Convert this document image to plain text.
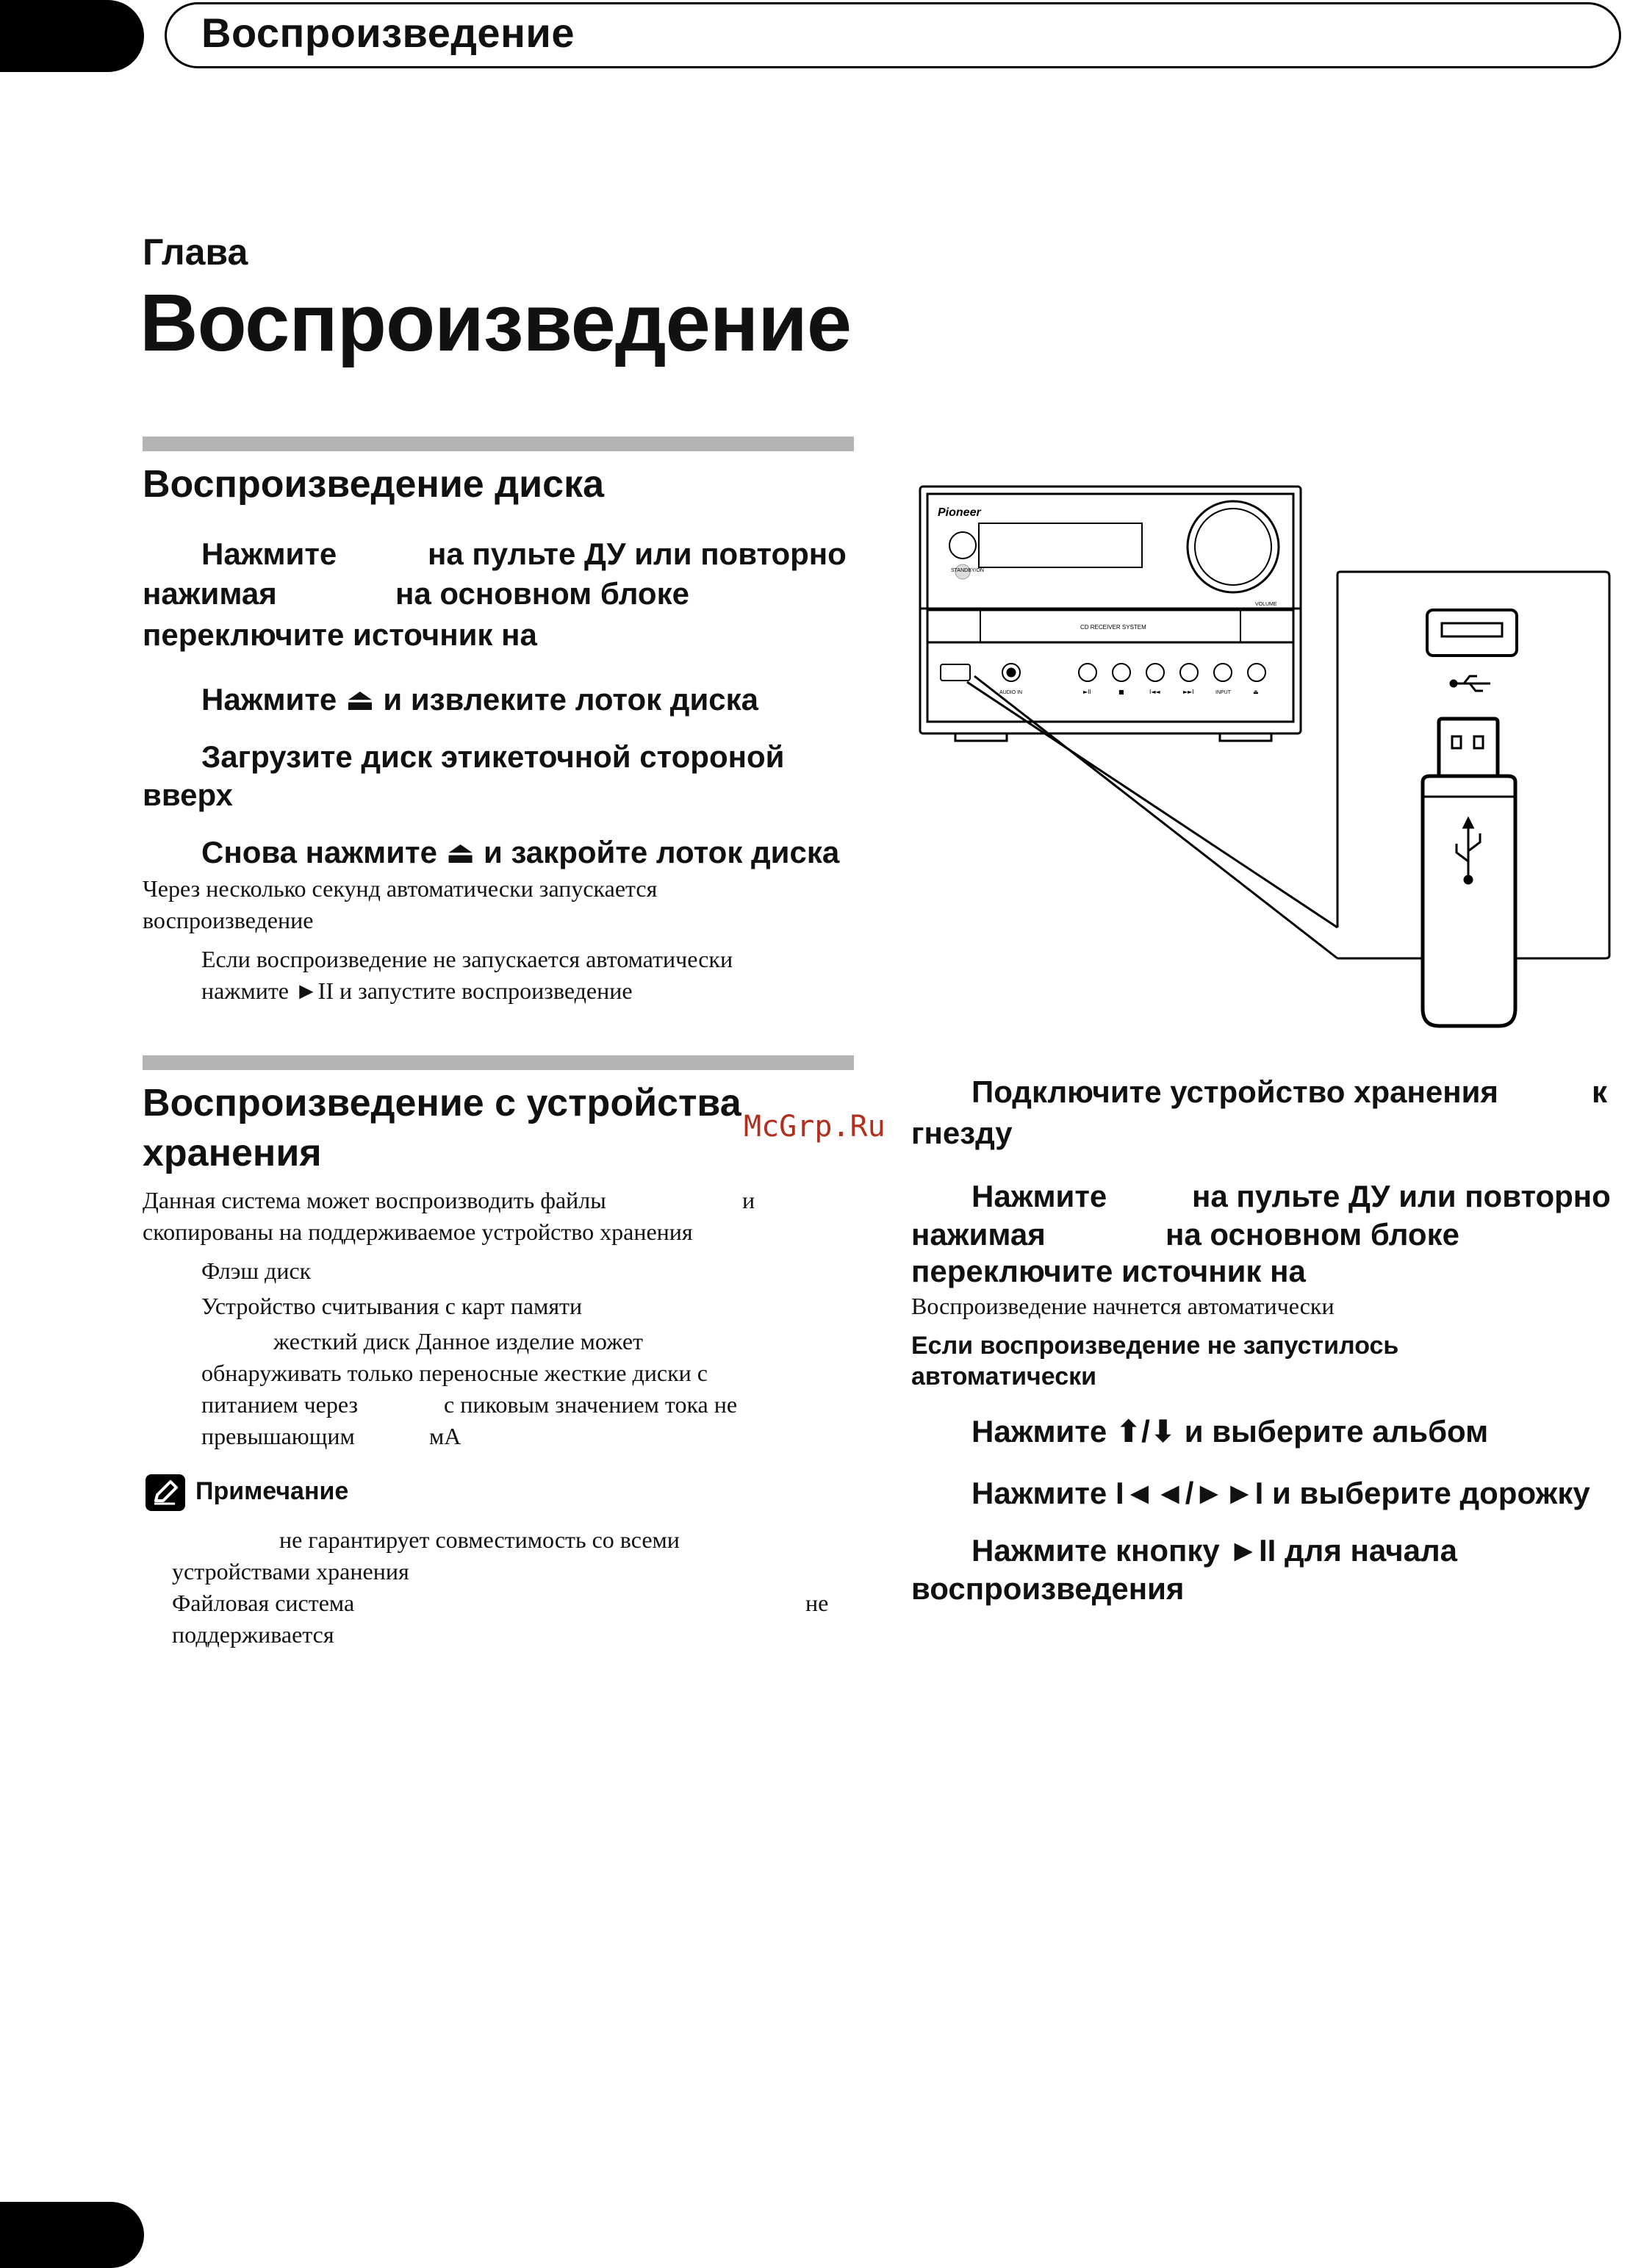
Воспроизведение
Глава
Воспроизведение
Воспроизведение диска
Нажмите	на пульте ДУ или повторно
нажимая	на основном блоке
переключите источник на
Нажмите ⏏ и извлеките лоток диска
Загрузите диск этикеточной стороной
вверх
Снова нажмите ⏏ и закройте лоток диска
Через несколько секунд автоматически запускается
воспроизведение
Если воспроизведение не запускается автоматически
нажмите ►II и запустите воспроизведение
Воспроизведение с устройства
хранения
Данная система может воспроизводить файлы	и
скопированы на поддерживаемое устройство хранения
Флэш диск
Устройство считывания с карт памяти
жесткий диск Данное изделие может
обнаруживать только переносные жесткие диски с
питанием через	с пиковым значением тока не
превышающим	мА
Примечание
не гарантирует совместимость со всеми
устройствами хранения
Файловая система	не
поддерживается
Подключите устройство хранения	к
гнезду
Нажмите	на пульте ДУ или повторно
нажимая	на основном блоке
переключите источник на
Воспроизведение начнется автоматически
Если воспроизведение не запустилось
автоматически
Нажмите ⬆/⬇ и выберите альбом
Нажмите I◄◄/►►I и выберите дорожку
Нажмите кнопку ►II для начала
воспроизведения
McGrp.Ru
Pioneer
STANDBY/ON
VOLUME
CD RECEIVER SYSTEM
AUDIO IN	►II	■	I◄◄	►►I	INPUT	⏏
